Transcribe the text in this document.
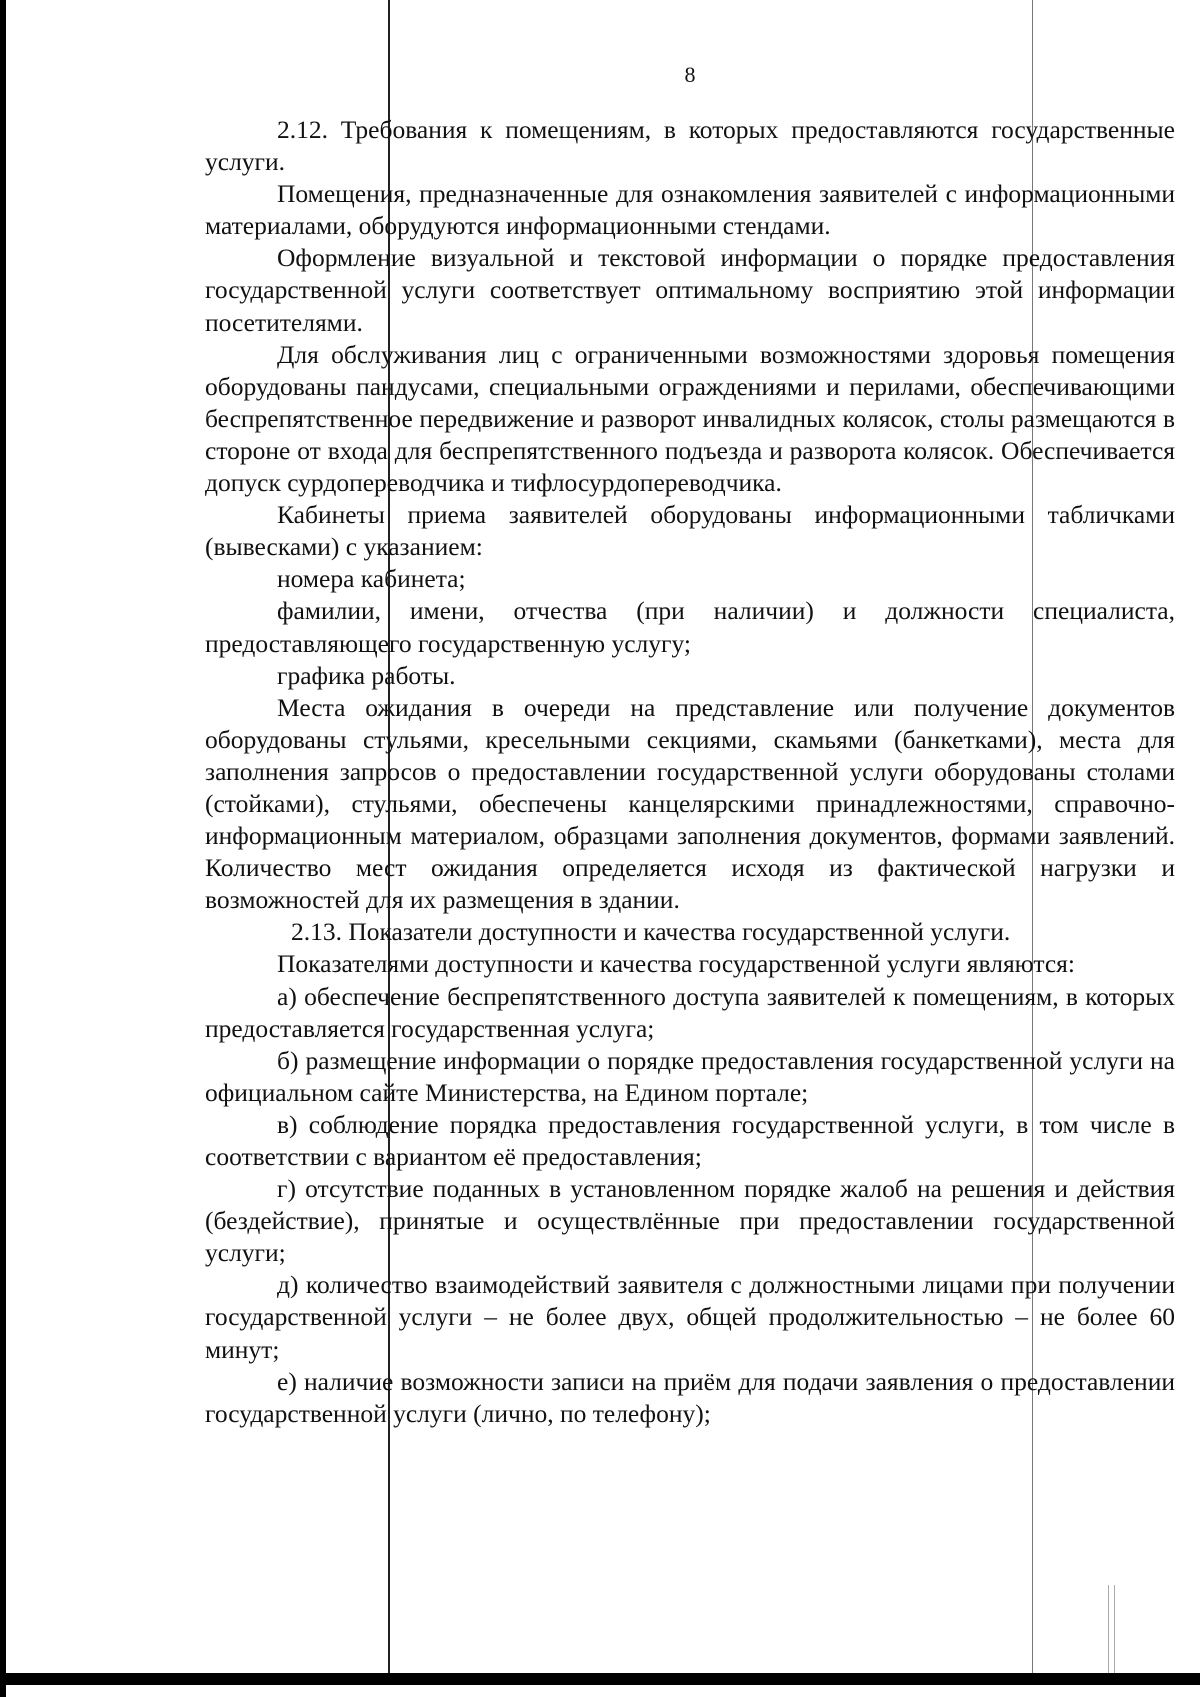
8

2.12. Требования к помещениям, в которых предоставляются государственные услуги.

Помещения, предназначенные для ознакомления заявителей с информационными материалами, оборудуются информационными стендами.

Оформление визуальной и текстовой информации о порядке предоставления государственной услуги соответствует оптимальному восприятию этой информации посетителями.

Для обслуживания лиц с ограниченными возможностями здоровья помещения оборудованы пандусами, специальными ограждениями и перилами, обеспечивающими беспрепятственное передвижение и разворот инвалидных колясок, столы размещаются в стороне от входа для беспрепятственного подъезда и разворота колясок. Обеспечивается допуск сурдопереводчика и тифлосурдопереводчика.

Кабинеты приема заявителей оборудованы информационными табличками (вывесками) с указанием:

номера кабинета;

фамилии, имени, отчества (при наличии) и должности специалиста, предоставляющего государственную услугу;

графика работы.

Места ожидания в очереди на представление или получение документов оборудованы стульями, кресельными секциями, скамьями (банкетками), места для заполнения запросов о предоставлении государственной услуги оборудованы столами (стойками), стульями, обеспечены канцелярскими принадлежностями, справочно-информационным материалом, образцами заполнения документов, формами заявлений. Количество мест ожидания определяется исходя из фактической нагрузки и возможностей для их размещения в здании.

2.13. Показатели доступности и качества государственной услуги.

Показателями доступности и качества государственной услуги являются:

а) обеспечение беспрепятственного доступа заявителей к помещениям, в которых предоставляется государственная услуга;

б) размещение информации о порядке предоставления государственной услуги на официальном сайте Министерства, на Едином портале;

в) соблюдение порядка предоставления государственной услуги, в том числе в соответствии с вариантом её предоставления;

г) отсутствие поданных в установленном порядке жалоб на решения и действия (бездействие), принятые и осуществлённые при предоставлении государственной услуги;

д) количество взаимодействий заявителя с должностными лицами при получении государственной услуги – не более двух, общей продолжительностью – не более 60 минут;

е) наличие возможности записи на приём для подачи заявления о предоставлении государственной услуги (лично, по телефону);
